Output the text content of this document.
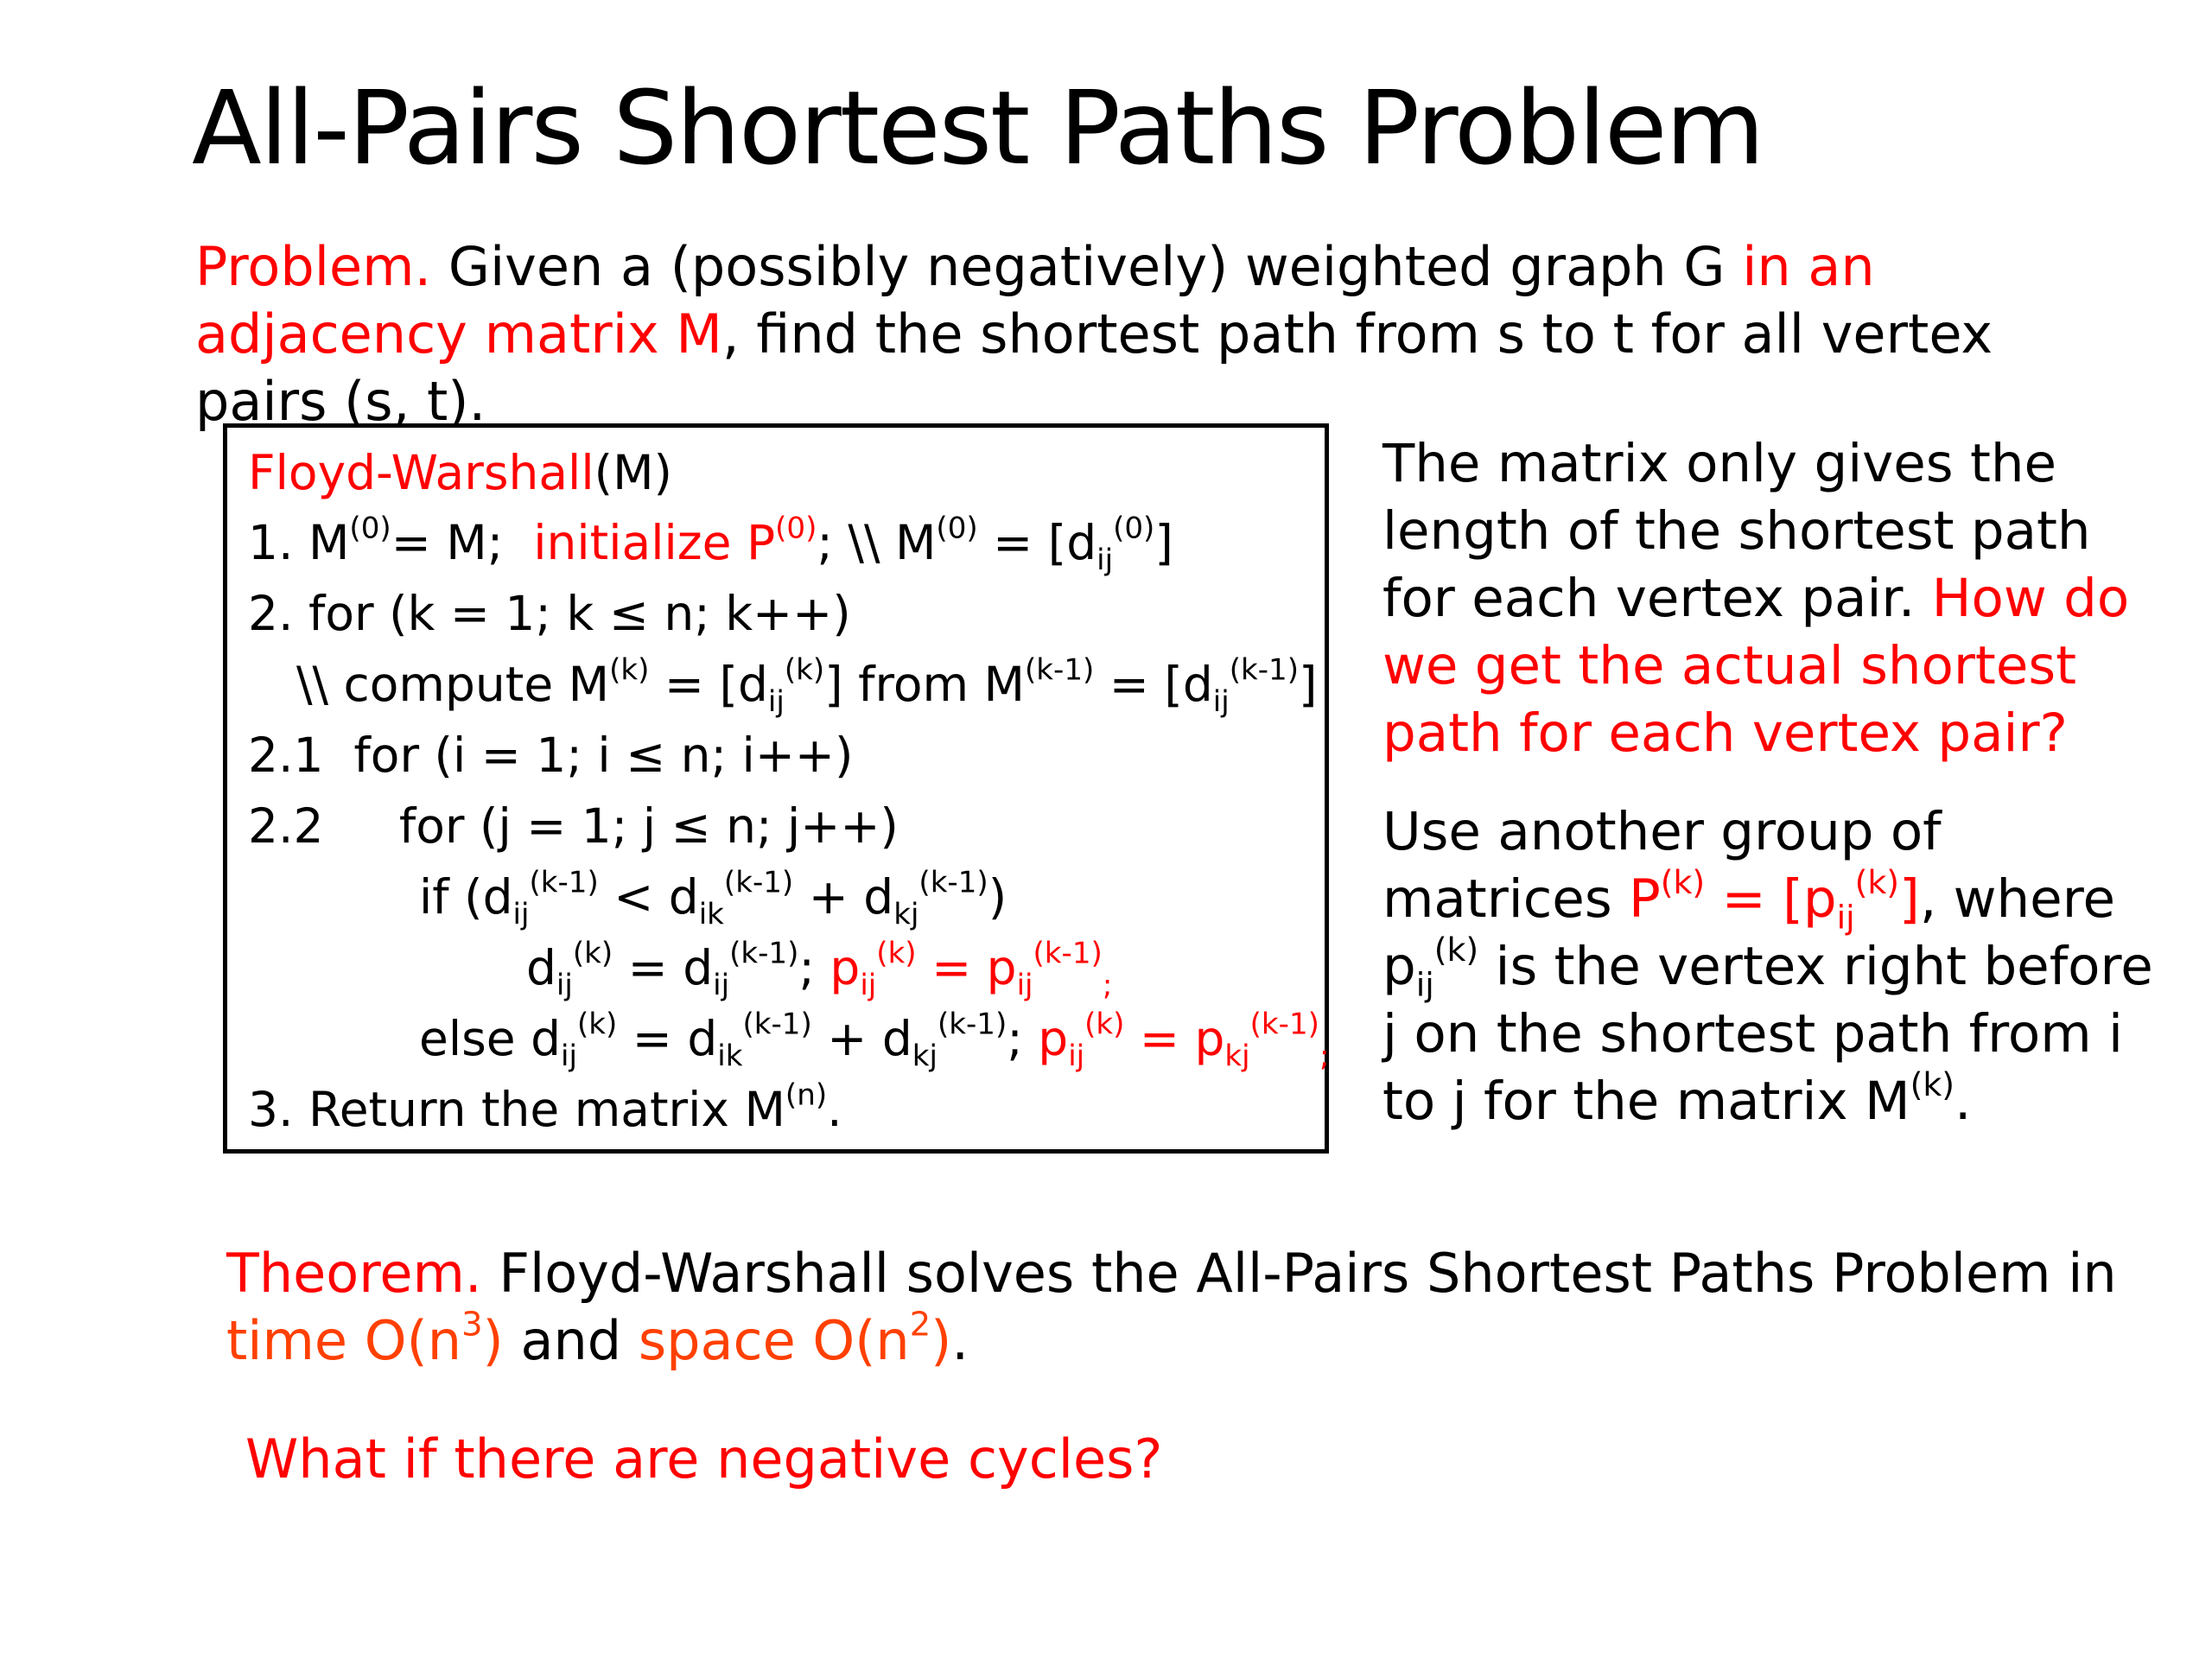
All-Pairs Shortest Paths Problem
Problem. Given a (possibly negatively) weighted graph G in an adjacency matrix M, find the shortest path from s to t for all vertex pairs (s, t).
Floyd-Warshall(M)
1. $M^{(0)}= M$; initialize $P^{(0)}$; \\ $M^{(0)} = [d_{ij}^{(0)}]$
2. for (k = 1; k ≤ n; k++)
\\ compute $M^{(k)} = [d_{ij}^{(k)}]$ from $M^{(k-1)} = [d_{ij}^{(k-1)}]$
2.1  for (i = 1; i ≤ n; i++)
2.2     for (j = 1; j ≤ n; j++)
if $(d_{ij}^{(k-1)} < d_{ik}^{(k-1)} + d_{kj}^{(k-1)})$
$d_{ij}^{(k)} = d_{ij}^{(k-1)}$; $p_{ij}^{(k)} = p_{ij}^{(k-1)}_;$
else $d_{ij}^{(k)} = d_{ik}^{(k-1)} + d_{kj}^{(k-1)}$; $p_{ij}^{(k)} = p_{kj}^{(k-1)}_;$
3. Return the matrix $M^{(n)}$.
The matrix only gives the length of the shortest path for each vertex pair. How do we get the actual shortest path for each vertex pair?
Use another group of matrices $P^{(k)} = [p_{ij}^{(k)}]$, where $p_{ij}^{(k)}$ is the vertex right before j on the shortest path from i to j for the matrix $M^{(k)}$.
Theorem. Floyd-Warshall solves the All-Pairs Shortest Paths Problem in time $O(n^3)$ and space $O(n^2)$.
What if there are negative cycles?
